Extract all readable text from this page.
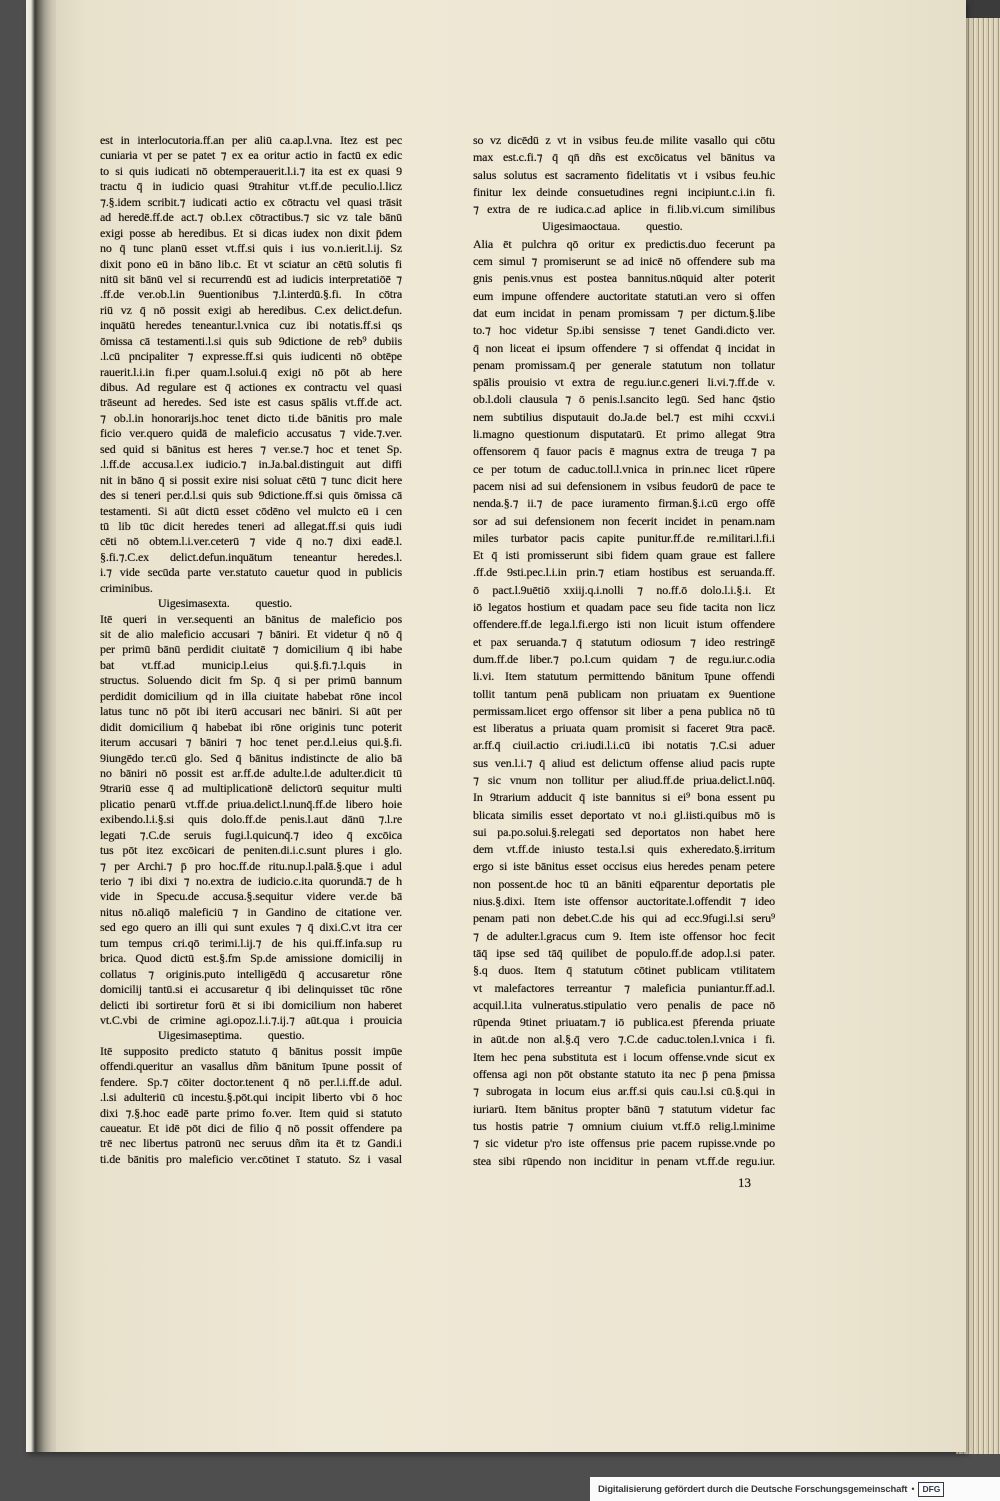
est in interlocutoria.ff.an per aliū ca.ap.l.vna. Itez est pec
cuniaria vt per se patet ⁊ ex ea oritur actio in factū ex edic
to si quis iudicati nō obtemperauerit.l.i.⁊ ita est ex quasi 9
tractu q̄ in iudicio quasi 9trahitur vt.ff.de peculio.l.licz
⁊.§.idem scribit.⁊ iudicati actio ex cōtractu vel quasi trāsit
ad heredē.ff.de act.⁊ ob.l.ex cōtractibus.⁊ sic vz tale bānū
exigi posse ab heredibus. Et si dicas iudex non dixit p̄dem
no q̄ tunc planū esset vt.ff.si quis i ius vo.n.ierit.l.ij. Sz
dixit pono eū in bāno lib.c. Et vt sciatur an cētū solutis fi
nitū sit bānū vel si recurrendū est ad iudicis interpretatiōē ⁊
.ff.de ver.ob.l.in 9uentionibus ⁊.l.interdū.§.fi. In cōtra
riū vz q̄ nō possit exigi ab heredibus. C.ex delict.defun.
inquātū heredes teneantur.l.vnica cuz ibi notatis.ff.si qs
ōmissa cā testamenti.l.si quis sub 9dictione de reb⁹ dubiis
.l.cū pncipaliter ⁊ expresse.ff.si quis iudicenti nō obtēpe
rauerit.l.i.in fi.per quam.l.solui.q̄ exigi nō pōt ab here
dibus. Ad regulare est q̄ actiones ex contractu vel quasi
trāseunt ad heredes. Sed iste est casus spālis vt.ff.de act.
⁊ ob.l.in honorarijs.hoc tenet dicto ti.de bānitis pro male
ficio ver.quero quidā de maleficio accusatus ⁊ vide.⁊.ver.
sed quid si bānitus est heres ⁊ ver.se.⁊ hoc et tenet Sp.
.l.ff.de accusa.l.ex iudicio.⁊ in.Ja.bal.distinguit aut diffi
nit in bāno q̄ si possit exire nisi soluat cētū ⁊ tunc dicit here
des si teneri per.d.l.si quis sub 9dictione.ff.si quis ōmissa cā
testamenti. Si aūt dictū esset cōdēno vel mulcto eū i cen
tū lib tūc dicit heredes teneri ad allegat.ff.si quis iudi
cēti nō obtem.l.i.ver.ceterū ⁊ vide q̄ no.⁊ dixi eadē.l.
§.fi.⁊.C.ex delict.defun.inquātum teneantur heredes.l.
i.⁊ vide secūda parte ver.statuto cauetur quod in publicis
criminibus.
Uigesimasexta. questio.
Itē queri in ver.sequenti an bānitus de maleficio pos
sit de alio maleficio accusari ⁊ bāniri. Et videtur q̄ nō q̄
per primū bānū perdidit ciuitatē ⁊ domicilium q̄ ibi habe
bat vt.ff.ad municip.l.eius qui.§.fi.⁊.l.quis in
structus. Soluendo dicit fm Sp. q̄ si per primū bannum
perdidit domicilium qd in illa ciuitate habebat rōne incol
latus tunc nō pōt ibi iterū accusari nec bāniri. Si aūt per
didit domicilium q̄ habebat ibi rōne originis tunc poterit
iterum accusari ⁊ bāniri ⁊ hoc tenet per.d.l.eius qui.§.fi.
9iungēdo ter.cū glo. Sed q̄ bānitus indistincte de alio bā
no bāniri nō possit est ar.ff.de adulte.l.de adulter.dicit tū
9trariū esse q̄ ad multiplicationē delictorū sequitur multi
plicatio penarū vt.ff.de priua.delict.l.nunq̄.ff.de libero hoie
exibendo.l.i.§.si quis dolo.ff.de penis.l.aut dānū ⁊.l.re
legati ⁊.C.de seruis fugi.l.quicunq̄.⁊ ideo q̄ excōica
tus pōt itez excōicari de peniten.di.i.c.sunt plures i glo.
⁊ per Archi.⁊ p̄ pro hoc.ff.de ritu.nup.l.palā.§.que i adul
terio ⁊ ibi dixi ⁊ no.extra de iudicio.c.ita quorundā.⁊ de h
vide in Specu.de accusa.§.sequitur videre ver.de bā
nitus nō.aliqō maleficiū ⁊ in Gandino de citatione ver.
sed ego quero an illi qui sunt exules ⁊ q̄ dixi.C.vt itra cer
tum tempus cri.qō terimi.l.ij.⁊ de his qui.ff.infa.sup ru
brica. Quod dictū est.§.fm Sp.de amissione domicilij in
collatus ⁊ originis.puto intelligēdū q̄ accusaretur rōne
domicilij tantū.si ei accusaretur q̄ ibi delinquisset tūc rōne
delicti ibi sortiretur forū ēt si ibi domicilium non haberet
vt.C.vbi de crimine agi.opoz.l.i.⁊.ij.⁊ aūt.qua i prouicia
Uigesimaseptima. questio.
Itē supposito predicto statuto q̄ bānitus possit impūe
offendi.queritur an vasallus dñm bānitum īpune possit of
fendere. Sp.⁊ cōiter doctor.tenent q̄ nō per.l.i.ff.de adul.
.l.si adulteriū cū incestu.§.pōt.qui incipit liberto vbi ō hoc
dixi ⁊.§.hoc eadē parte primo fo.ver. Item quid si statuto
caueatur. Et idē pōt dici de filio q̄ nō possit offendere pa
trē nec libertus patronū nec seruus dñm ita ēt tz Gandi.i
ti.de bānitis pro maleficio ver.cōtinet ī statuto. Sz i vasal
so vz dicēdū z vt in vsibus feu.de milite vasallo qui cōtu
max est.c.fi.⁊ q̄ qn̄ dñs est excōicatus vel bānitus va
salus solutus est sacramento fidelitatis vt i vsibus feu.hic
finitur lex deinde consuetudines regni incipiunt.c.i.in fi.
⁊ extra de re iudica.c.ad aplice in fi.lib.vi.cum similibus
Uigesimaoctaua. questio.
Alia ēt pulchra qō oritur ex predictis.duo fecerunt pa
cem simul ⁊ promiserunt se ad inicē nō offendere sub ma
gnis penis.vnus est postea bannitus.nūquid alter poterit
eum impune offendere auctoritate statuti.an vero si offen
dat eum incidat in penam promissam ⁊ per dictum.§.libe
to.⁊ hoc videtur Sp.ibi sensisse ⁊ tenet Gandi.dicto ver.
q̄ non liceat ei ipsum offendere ⁊ si offendat q̄ incidat in
penam promissam.q̄ per generale statutum non tollatur
spālis prouisio vt extra de regu.iur.c.generi li.vi.⁊.ff.de v.
ob.l.doli clausula ⁊ ō penis.l.sancito legū. Sed hanc q̄stio
nem subtilius disputauit do.Ja.de bel.⁊ est mihi ccxvi.i
li.magno questionum disputatarū. Et primo allegat 9tra
offensorem q̄ fauor pacis ē magnus extra de treuga ⁊ pa
ce per totum de caduc.toll.l.vnica in prin.nec licet rūpere
pacem nisi ad sui defensionem in vsibus feudorū de pace te
nenda.§.⁊ ii.⁊ de pace iuramento firman.§.i.cū ergo offē
sor ad sui defensionem non fecerit incidet in penam.nam
miles turbator pacis capite punitur.ff.de re.militari.l.fi.i
Et q̄ isti promisserunt sibi fidem quam graue est fallere
.ff.de 9sti.pec.l.i.in prin.⁊ etiam hostibus est seruanda.ff.
ō pact.l.9uētiō xxiij.q.i.nolli ⁊ no.ff.ō dolo.l.i.§.i. Et
iō legatos hostium et quadam pace seu fide tacita non licz
offendere.ff.de lega.l.fi.ergo isti non licuit istum offendere
et pax seruanda.⁊ q̄ statutum odiosum ⁊ ideo restringē
dum.ff.de liber.⁊ po.l.cum quidam ⁊ de regu.iur.c.odia
li.vi. Item statutum permittendo bānitum īpune offendi
tollit tantum penā publicam non priuatam ex 9uentione
permissam.licet ergo offensor sit liber a pena publica nō tū
est liberatus a priuata quam promisit si faceret 9tra pacē.
ar.ff.q̄ ciuil.actio cri.iudi.l.i.cū ibi notatis ⁊.C.si aduer
sus ven.l.i.⁊ q̄ aliud est delictum offense aliud pacis rupte
⁊ sic vnum non tollitur per aliud.ff.de priua.delict.l.nūq̄.
In 9trarium adducit q̄ iste bannitus si ei⁹ bona essent pu
blicata similis esset deportato vt no.i gl.iisti.quibus mō is
sui pa.po.solui.§.relegati sed deportatos non habet here
dem vt.ff.de iniusto testa.l.si quis exheredato.§.irritum
ergo si iste bānitus esset occisus eius heredes penam petere
non possent.de hoc tū an bāniti eq̄parentur deportatis ple
nius.§.dixi. Item iste offensor auctoritate.l.offendit ⁊ ideo
penam pati non debet.C.de his qui ad ecc.9fugi.l.si seru⁹
⁊ de adulter.l.gracus cum 9. Item iste offensor hoc fecit
tāq̄ ipse sed tāq̄ quilibet de populo.ff.de adop.l.si pater.
§.q duos. Item q̄ statutum cōtinet publicam vtilitatem
vt malefactores terreantur ⁊ maleficia puniantur.ff.ad.l.
acquil.l.ita vulneratus.stipulatio vero penalis de pace nō
rūpenda 9tinet priuatam.⁊ iō publica.est p̄ferenda priuate
in aūt.de non al.§.q̄ vero ⁊.C.de caduc.tolen.l.vnica i fi.
Item hec pena substituta est i locum offense.vnde sicut ex
offensa agi non pōt obstante statuto ita nec p̄ pena p̄missa
⁊ subrogata in locum eius ar.ff.si quis cau.l.si cū.§.qui in
iuriarū. Item bānitus propter bānū ⁊ statutum videtur fac
tus hostis patrie ⁊ omnium ciuium vt.ff.ō relig.l.minime
⁊ sic videtur p'ro iste offensus prie pacem rupisse.vnde po
stea sibi rūpendo non inciditur in penam vt.ff.de regu.iur.
13
Digitalisierung gefördert durch die Deutsche Forschungsgemeinschaft • DFG
